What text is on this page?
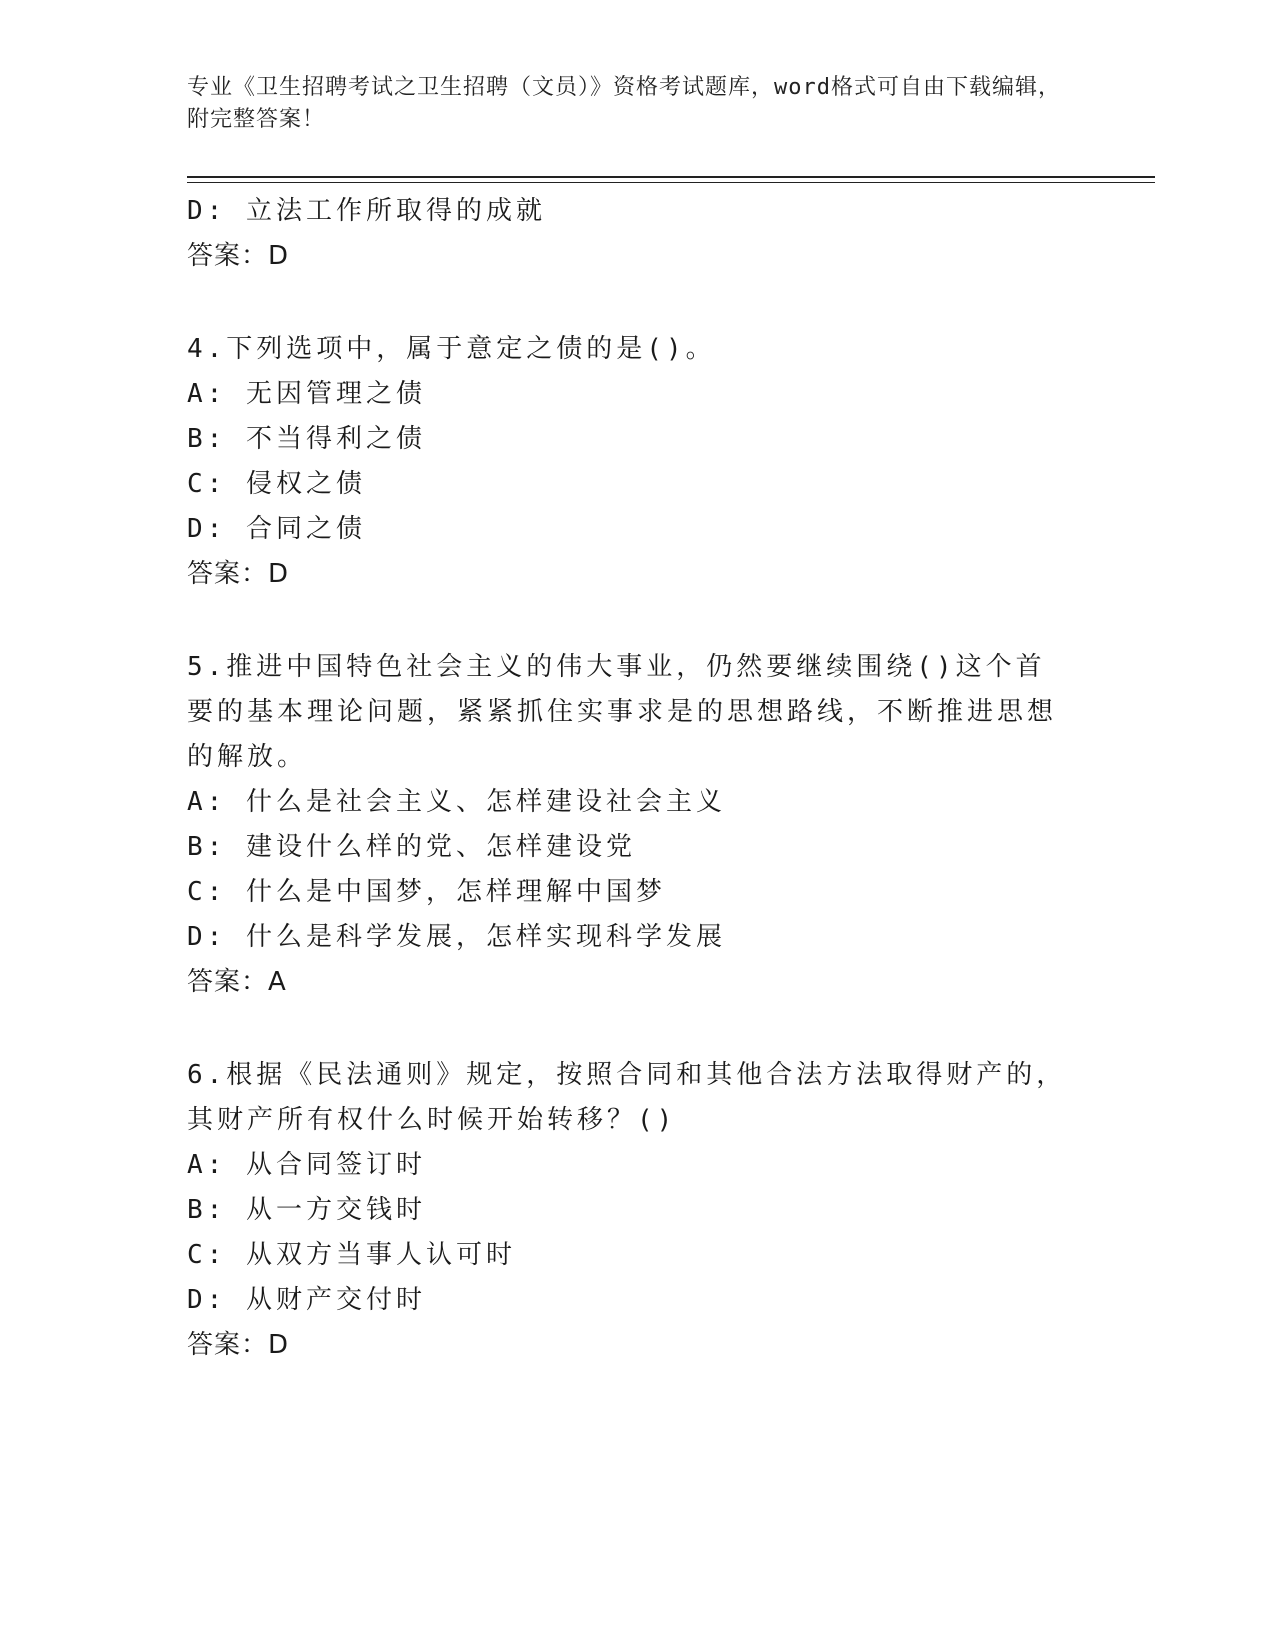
专业《卫生招聘考试之卫生招聘（文员）》资格考试题库，word格式可自由下载编辑，附完整答案！
D: 立法工作所取得的成就
答案：D
4.下列选项中，属于意定之债的是()。
A: 无因管理之债
B: 不当得利之债
C: 侵权之债
D: 合同之债
答案：D
5.推进中国特色社会主义的伟大事业，仍然要继续围绕()这个首要的基本理论问题，紧紧抓住实事求是的思想路线，不断推进思想的解放。
A: 什么是社会主义、怎样建设社会主义
B: 建设什么样的党、怎样建设党
C: 什么是中国梦，怎样理解中国梦
D: 什么是科学发展，怎样实现科学发展
答案：A
6.根据《民法通则》规定，按照合同和其他合法方法取得财产的，其财产所有权什么时候开始转移？()
A: 从合同签订时
B: 从一方交钱时
C: 从双方当事人认可时
D: 从财产交付时
答案：D
